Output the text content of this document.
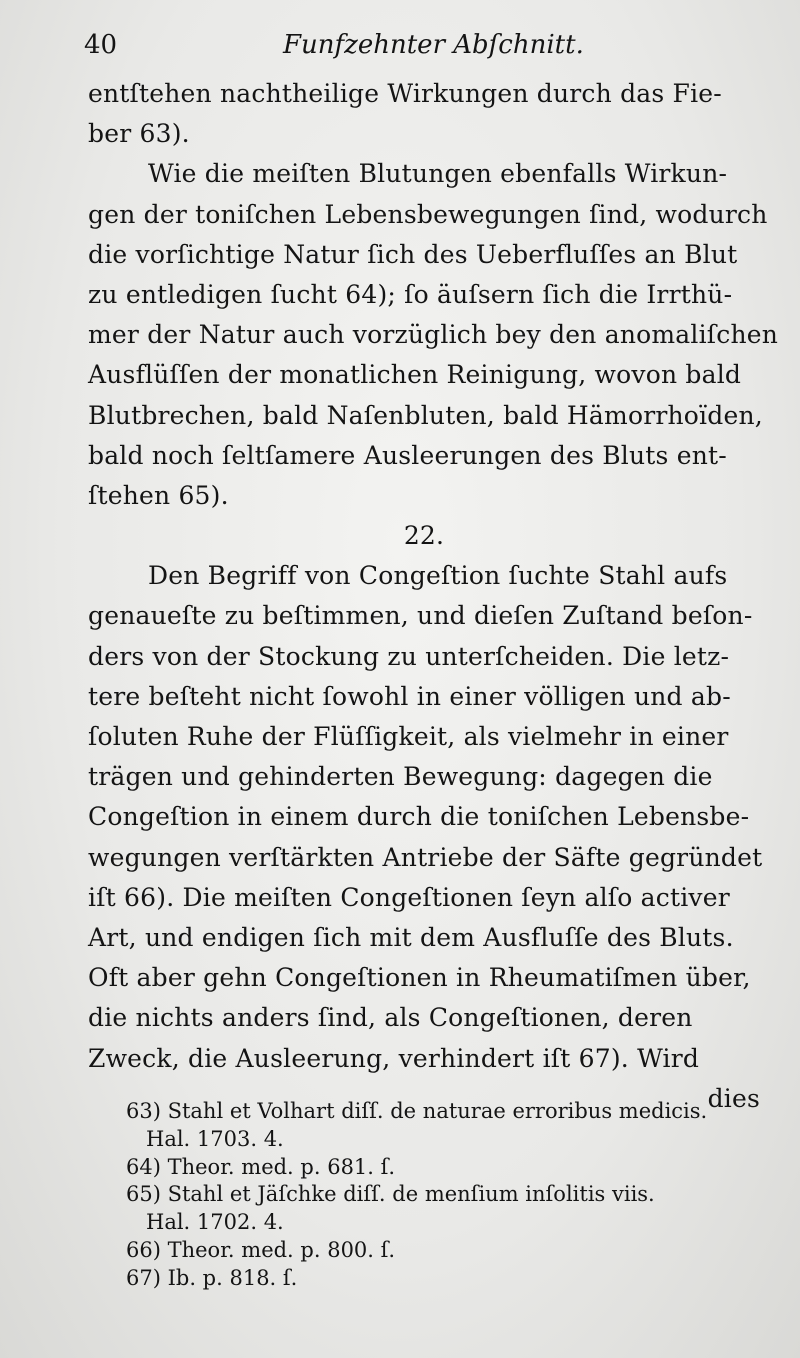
40	Funfzehnter Abſchnitt.
entſtehen nachtheilige Wirkungen durch das Fie-
ber 63).
Wie die meiſten Blutungen ebenfalls Wirkun-
gen der toniſchen Lebensbewegungen ſind, wodurch
die vorſichtige Natur ſich des Ueberfluſſes an Blut
zu entledigen ſucht 64); ſo äuſsern ſich die Irrthü-
mer der Natur auch vorzüglich bey den anomaliſchen
Ausflüſſen der monatlichen Reinigung, wovon bald
Blutbrechen, bald Naſenbluten, bald Hämorrhoïden,
bald noch ſeltſamere Ausleerungen des Bluts ent-
ſtehen 65).
22.
Den Begriff von Congeſtion ſuchte Stahl aufs
genaueſte zu beſtimmen, und dieſen Zuſtand beſon-
ders von der Stockung zu unterſcheiden. Die letz-
tere beſteht nicht ſowohl in einer völligen und ab-
ſoluten Ruhe der Flüſſigkeit, als vielmehr in einer
trägen und gehinderten Bewegung: dagegen die
Congeſtion in einem durch die toniſchen Lebensbe-
wegungen verſtärkten Antriebe der Säfte gegründet
iſt 66). Die meiſten Congeſtionen ſeyn alſo activer
Art, und endigen ſich mit dem Ausfluſſe des Bluts.
Oft aber gehn Congeſtionen in Rheumatiſmen über,
die nichts anders ſind, als Congeſtionen, deren
Zweck, die Ausleerung, verhindert iſt 67). Wird
dies
63) Stahl et Volhart diſſ. de naturae erroribus medicis.
Hal. 1703. 4.
64) Theor. med. p. 681. ſ.
65) Stahl et Jäſchke diſſ. de menſium inſolitis viis.
Hal. 1702. 4.
66) Theor. med. p. 800. ſ.
67) Ib. p. 818. ſ.
